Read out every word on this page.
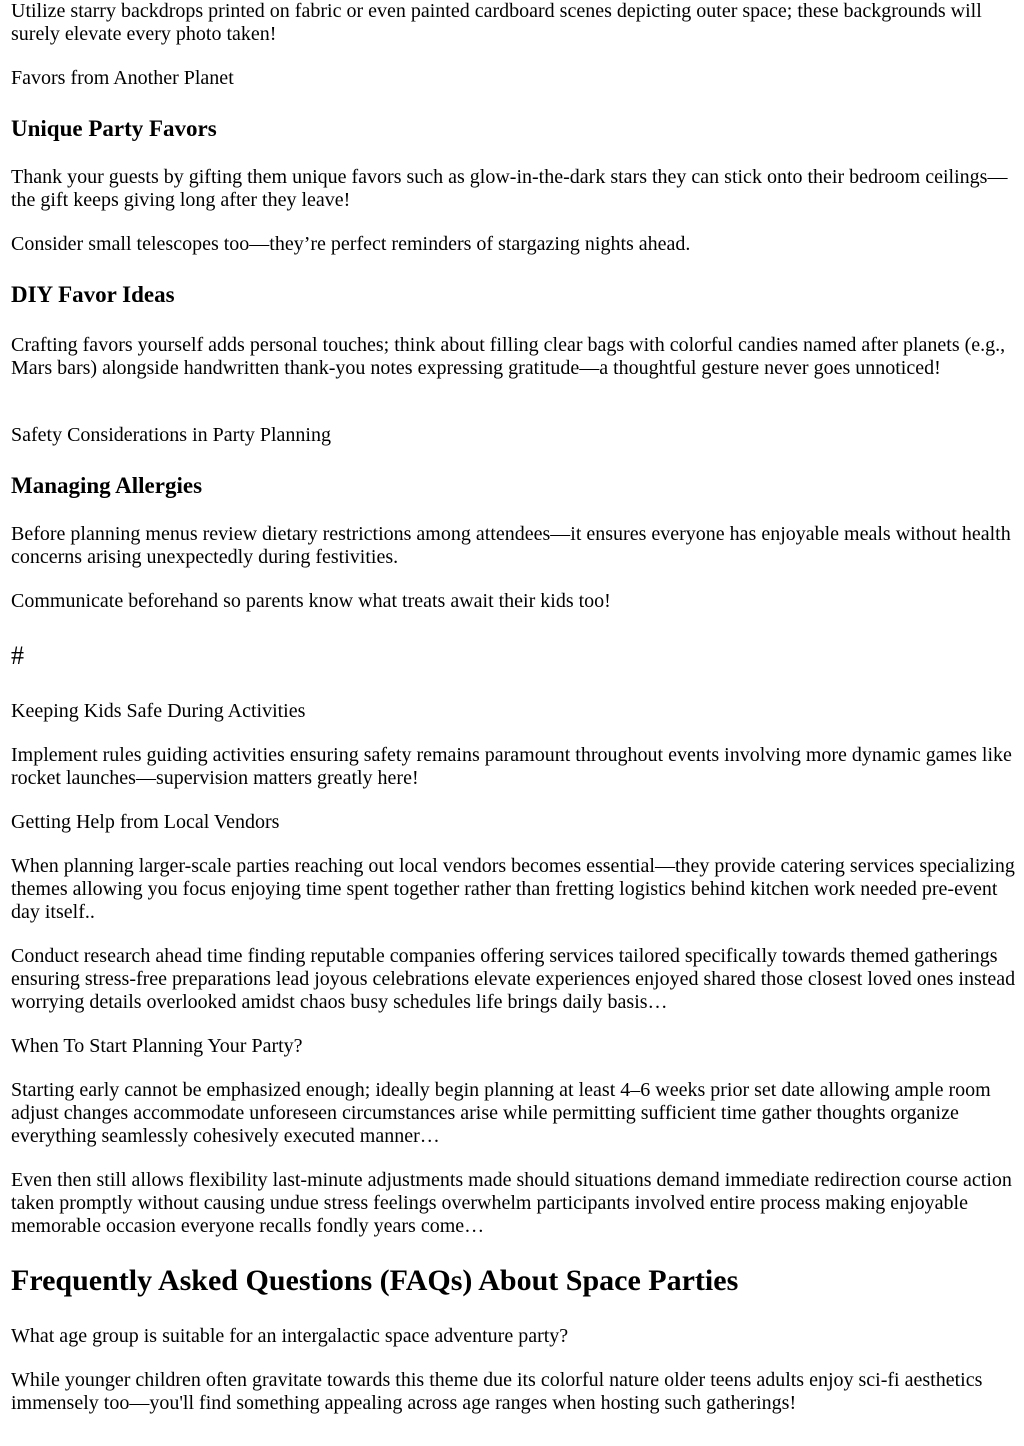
Utilize starry backdrops printed on fabric or even painted cardboard scenes depicting outer space; these backgrounds will surely elevate every photo taken!

Favors from Another Planet

Unique Party Favors

Thank your guests by gifting them unique favors such as glow-in-the-dark stars they can stick onto their bedroom ceilings—the gift keeps giving long after they leave!

Consider small telescopes too—they’re perfect reminders of stargazing nights ahead.

DIY Favor Ideas

Crafting favors yourself adds personal touches; think about filling clear bags with colorful candies named after planets (e.g., Mars bars) alongside handwritten thank-you notes expressing gratitude—a thoughtful gesture never goes unnoticed!

Safety Considerations in Party Planning

Managing Allergies

Before planning menus review dietary restrictions among attendees—it ensures everyone has enjoyable meals without health concerns arising unexpectedly during festivities.

Communicate beforehand so parents know what treats await their kids too!

#

Keeping Kids Safe During Activities

Implement rules guiding activities ensuring safety remains paramount throughout events involving more dynamic games like rocket launches—supervision matters greatly here!

Getting Help from Local Vendors

When planning larger-scale parties reaching out local vendors becomes essential—they provide catering services specializing themes allowing you focus enjoying time spent together rather than fretting logistics behind kitchen work needed pre-event day itself..

Conduct research ahead time finding reputable companies offering services tailored specifically towards themed gatherings ensuring stress-free preparations lead joyous celebrations elevate experiences enjoyed shared those closest loved ones instead worrying details overlooked amidst chaos busy schedules life brings daily basis…

When To Start Planning Your Party?

Starting early cannot be emphasized enough; ideally begin planning at least 4–6 weeks prior set date allowing ample room adjust changes accommodate unforeseen circumstances arise while permitting sufficient time gather thoughts organize everything seamlessly cohesively executed manner…

Even then still allows flexibility last-minute adjustments made should situations demand immediate redirection course action taken promptly without causing undue stress feelings overwhelm participants involved entire process making enjoyable memorable occasion everyone recalls fondly years come…

Frequently Asked Questions (FAQs) About Space Parties

What age group is suitable for an intergalactic space adventure party?

While younger children often gravitate towards this theme due its colorful nature older teens adults enjoy sci-fi aesthetics immensely too—you'll find something appealing across age ranges when hosting such gatherings!
